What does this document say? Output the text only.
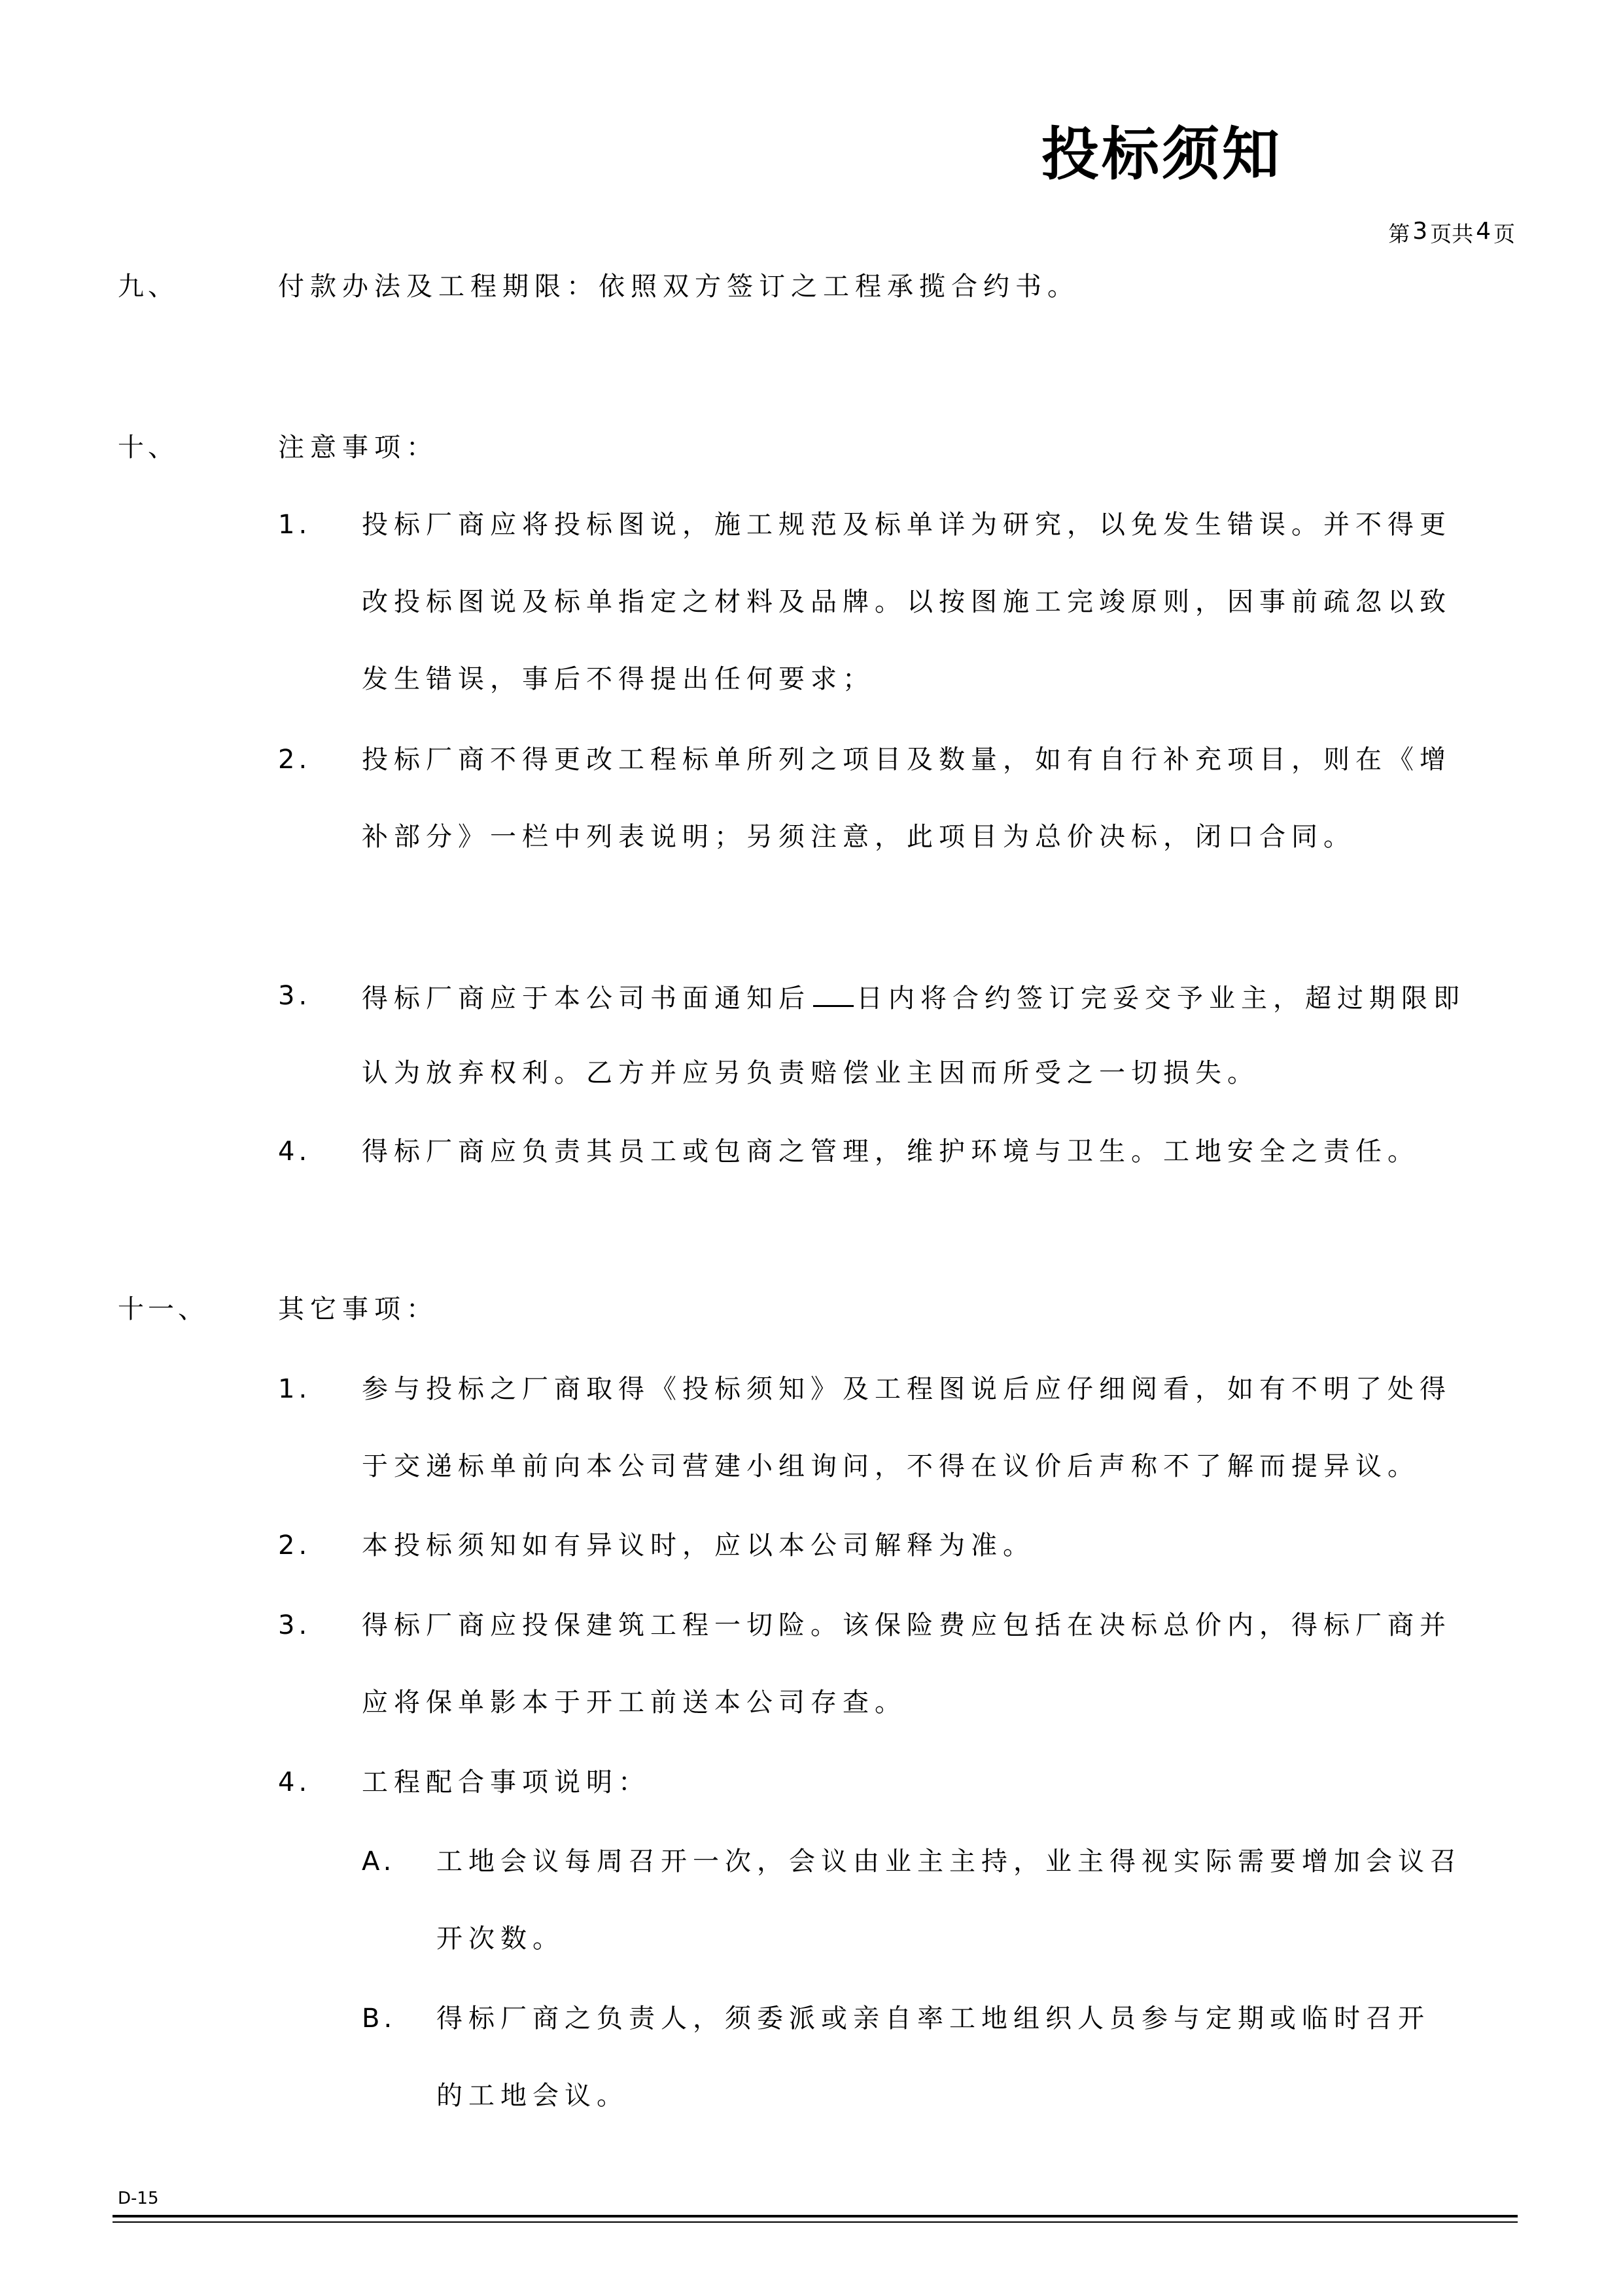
投标须知
第 3 页共 4 页
九、	付款办法及工程期限：依照双方签订之工程承揽合约书。
十、	注意事项：
1. 投标厂商应将投标图说，施工规范及标单详为研究，以免发生错误。并不得更
改投标图说及标单指定之材料及品牌。以按图施工完竣原则，因事前疏忽以致
发生错误，事后不得提出任何要求；
2. 投标厂商不得更改工程标单所列之项目及数量，如有自行补充项目，则在《增
补部分》一栏中列表说明；另须注意，此项目为总价决标，闭口合同。
3. 得标厂商应于本公司书面通知后 日内将合约签订完妥交予业主，超过期限即
认为放弃权利。乙方并应另负责赔偿业主因而所受之一切损失。
4. 得标厂商应负责其员工或包商之管理，维护环境与卫生。工地安全之责任。
十一、	其它事项：
1. 参与投标之厂商取得《投标须知》及工程图说后应仔细阅看，如有不明了处得
于交递标单前向本公司营建小组询问，不得在议价后声称不了解而提异议。
2. 本投标须知如有异议时，应以本公司解释为准。
3. 得标厂商应投保建筑工程一切险。该保险费应包括在决标总价内，得标厂商并
应将保单影本于开工前送本公司存查。
4. 工程配合事项说明：
A. 工地会议每周召开一次，会议由业主主持，业主得视实际需要增加会议召
开次数。
B. 得标厂商之负责人，须委派或亲自率工地组织人员参与定期或临时召开
的工地会议。
D-15
